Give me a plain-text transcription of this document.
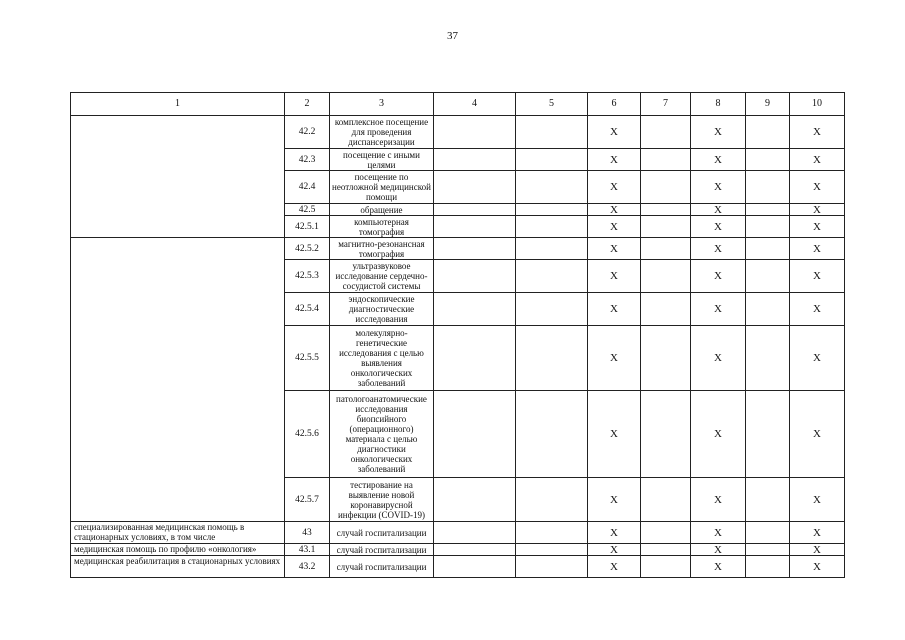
37
1	2	3	4	5	6	7	8	9	10
	42.2	комплексное посещение для проведения диспансеризации			X		X		X
	42.3	посещение с иными целями			X		X		X
	42.4	посещение по неотложной медицинской помощи			X		X		X
	42.5	обращение			X		X		X
	42.5.1	компьютерная томография			X		X		X
	42.5.2	магнитно-резонансная томография			X		X		X
	42.5.3	ультразвуковое исследование сердечно-сосудистой системы			X		X		X
	42.5.4	эндоскопические диагностические исследования			X		X		X
	42.5.5	молекулярно-генетические исследования с целью выявления онкологических заболеваний			X		X		X
	42.5.6	патологоанатомические исследования биопсийного (операционного) материала с целью диагностики онкологических заболеваний			X		X		X
	42.5.7	тестирование на выявление новой коронавирусной инфекции (COVID-19)			X		X		X
специализированная медицинская помощь в стационарных условиях, в том числе	43	случай госпитализации			X		X		X
медицинская помощь по профилю «онкология»	43.1	случай госпитализации			X		X		X
медицинская реабилитация в стационарных условиях	43.2	случай госпитализации			X		X		X
